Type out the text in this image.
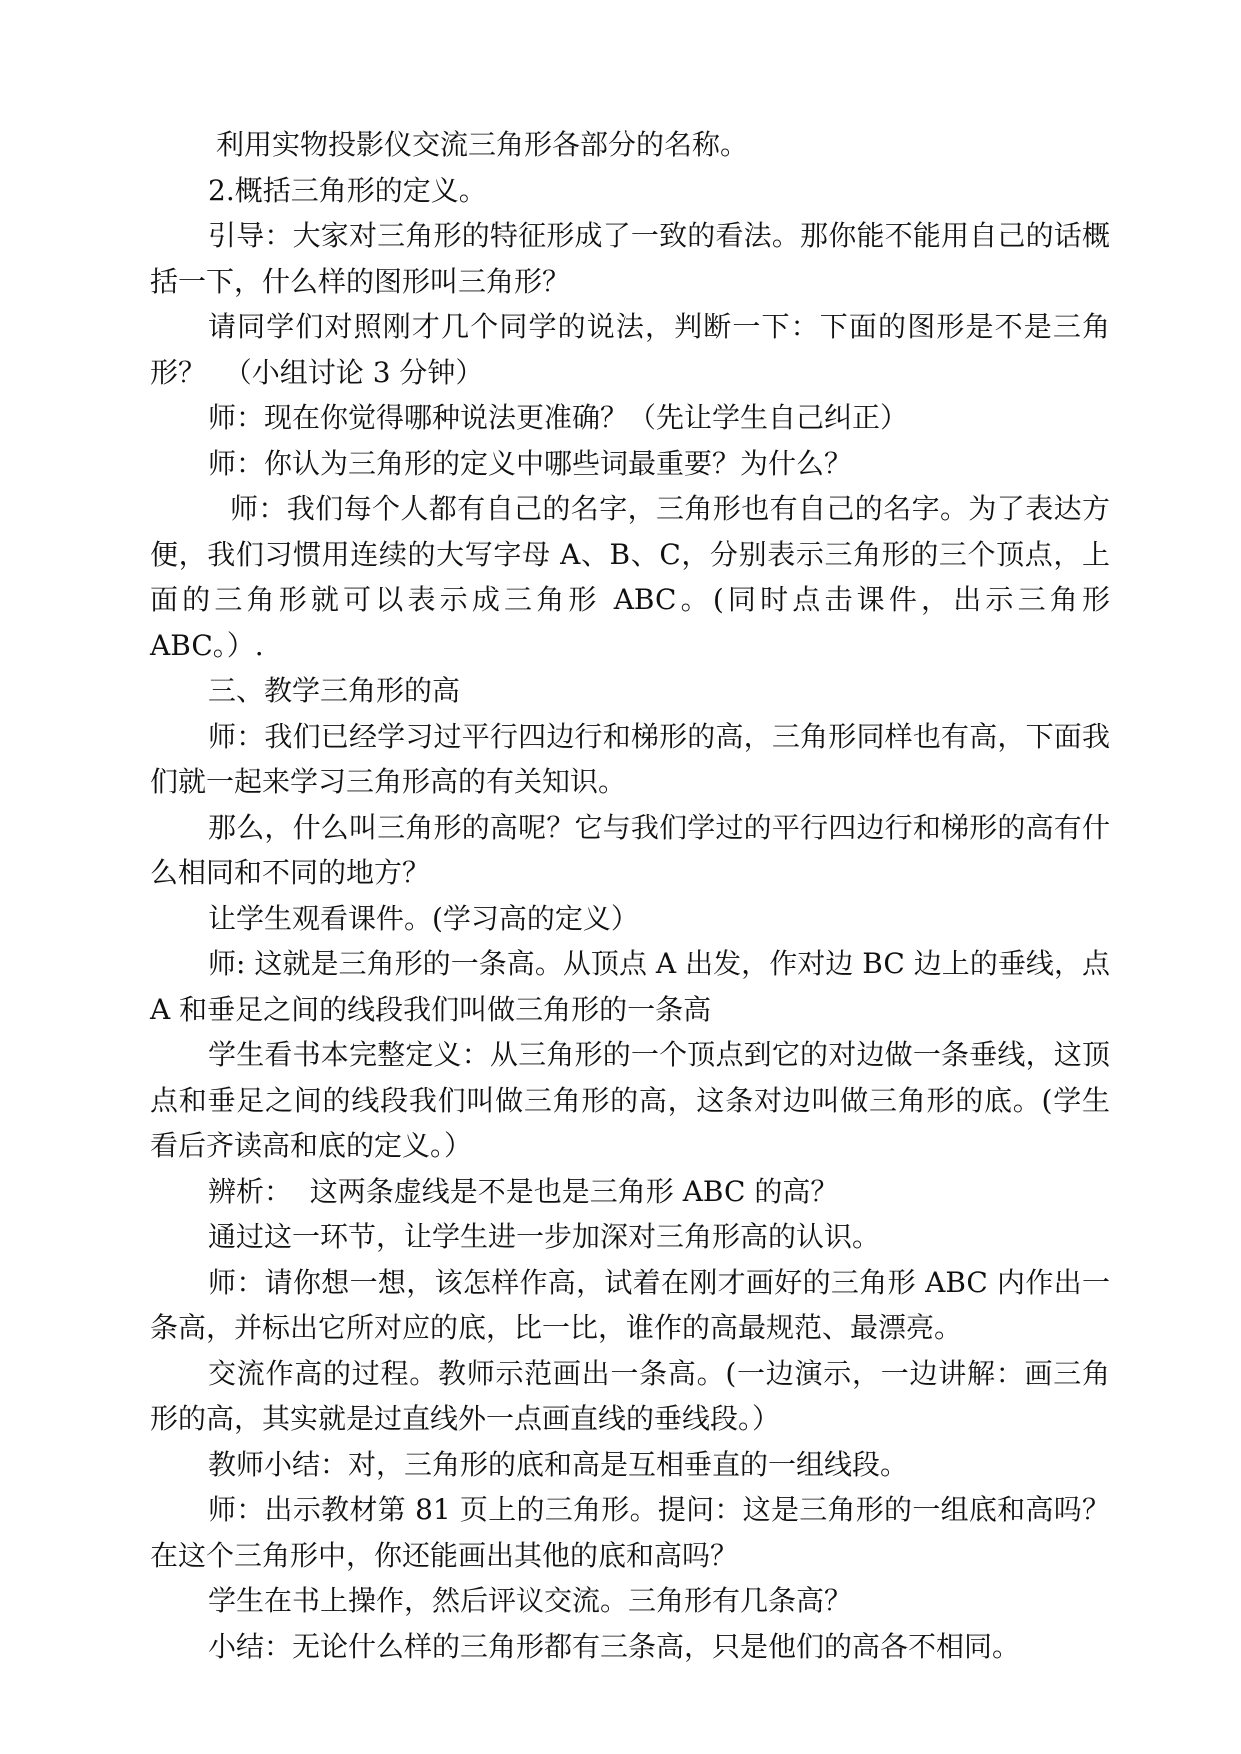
利用实物投影仪交流三角形各部分的名称。

2.概括三角形的定义。

引导：大家对三角形的特征形成了一致的看法。那你能不能用自己的话概括一下，什么样的图形叫三角形？

请同学们对照刚才几个同学的说法，判断一下：下面的图形是不是三角形？  （小组讨论 3 分钟）

师：现在你觉得哪种说法更准确？（先让学生自己纠正）

师：你认为三角形的定义中哪些词最重要？为什么？

师：我们每个人都有自己的名字，三角形也有自己的名字。为了表达方便，我们习惯用连续的大写字母 A、B、C，分别表示三角形的三个顶点，上面的三角形就可以表示成三角形 ABC。(同时点击课件，出示三角形 ABC。）.

三、教学三角形的高

师：我们已经学习过平行四边行和梯形的高，三角形同样也有高，下面我们就一起来学习三角形高的有关知识。

那么，什么叫三角形的高呢？它与我们学过的平行四边行和梯形的高有什么相同和不同的地方？

让学生观看课件。(学习高的定义）

师: 这就是三角形的一条高。从顶点 A 出发，作对边 BC 边上的垂线，点 A 和垂足之间的线段我们叫做三角形的一条高

学生看书本完整定义：从三角形的一个顶点到它的对边做一条垂线，这顶点和垂足之间的线段我们叫做三角形的高，这条对边叫做三角形的底。(学生看后齐读高和底的定义。）

辨析：  这两条虚线是不是也是三角形 ABC 的高？

通过这一环节，让学生进一步加深对三角形高的认识。

师：请你想一想，该怎样作高，试着在刚才画好的三角形 ABC 内作出一条高，并标出它所对应的底，比一比，谁作的高最规范、最漂亮。

交流作高的过程。教师示范画出一条高。(一边演示，一边讲解：画三角形的高，其实就是过直线外一点画直线的垂线段。）

教师小结：对，三角形的底和高是互相垂直的一组线段。

师：出示教材第 81 页上的三角形。提问：这是三角形的一组底和高吗？在这个三角形中，你还能画出其他的底和高吗？

学生在书上操作，然后评议交流。三角形有几条高？

小结：无论什么样的三角形都有三条高，只是他们的高各不相同。
